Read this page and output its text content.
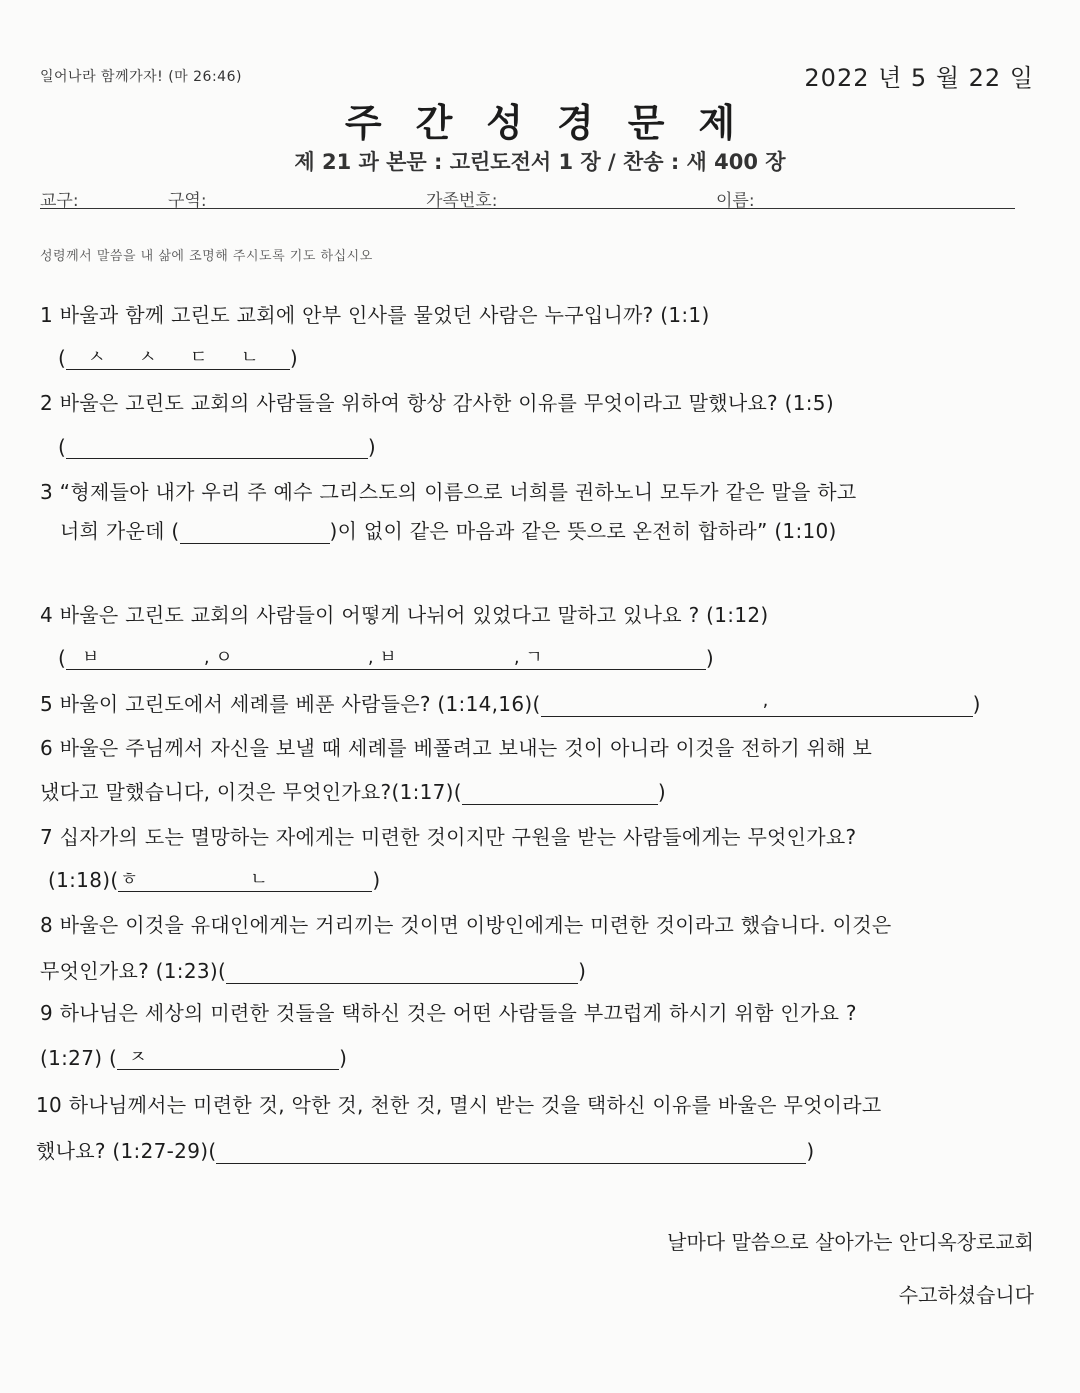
일어나라 함께가자! (마 26:46)	2022 년 5 월 22 일
주간성경문제
제 21 과 본문 : 고린도전서 1 장 / 찬송 : 새 400 장
교구:	구역:	가족번호:	이름:
성령께서 말씀을 내 삶에 조명해 주시도록 기도 하십시오
1 바울과 함께 고린도 교회에 안부 인사를 물었던 사람은 누구입니까? (1:1)
( ㅅ ㅅ ㄷ ㄴ )
2 바울은 고린도 교회의 사람들을 위하여 항상 감사한 이유를 무엇이라고 말했나요? (1:5)
(	)
3 “형제들아 내가 우리 주 예수 그리스도의 이름으로 너희를 권하노니 모두가 같은 말을 하고
너희 가운데 (	)이 없이 같은 마음과 같은 뜻으로 온전히 합하라” (1:10)
4 바울은 고린도 교회의 사람들이 어떻게 나뉘어 있었다고 말하고 있나요 ? (1:12)
( ㅂ	, ㅇ	, ㅂ	, ㄱ	)
5 바울이 고린도에서 세례를 베푼 사람들은? (1:14,16)(	,	)
6 바울은 주님께서 자신을 보낼 때 세례를 베풀려고 보내는 것이 아니라 이것을 전하기 위해 보
냈다고 말했습니다, 이것은 무엇인가요?(1:17)(	)
7 십자가의 도는 멸망하는 자에게는 미련한 것이지만 구원을 받는 사람들에게는 무엇인가요?
(1:18)( ㅎ	ㄴ	)
8 바울은 이것을 유대인에게는 거리끼는 것이면 이방인에게는 미련한 것이라고 했습니다. 이것은
무엇인가요? (1:23)(	)
9 하나님은 세상의 미련한 것들을 택하신 것은 어떤 사람들을 부끄럽게 하시기 위함 인가요 ?
(1:27) ( ㅈ	)
10 하나님께서는 미련한 것, 악한 것, 천한 것, 멸시 받는 것을 택하신 이유를 바울은 무엇이라고
했나요? (1:27-29)(	)
날마다 말씀으로 살아가는 안디옥장로교회
수고하셨습니다
